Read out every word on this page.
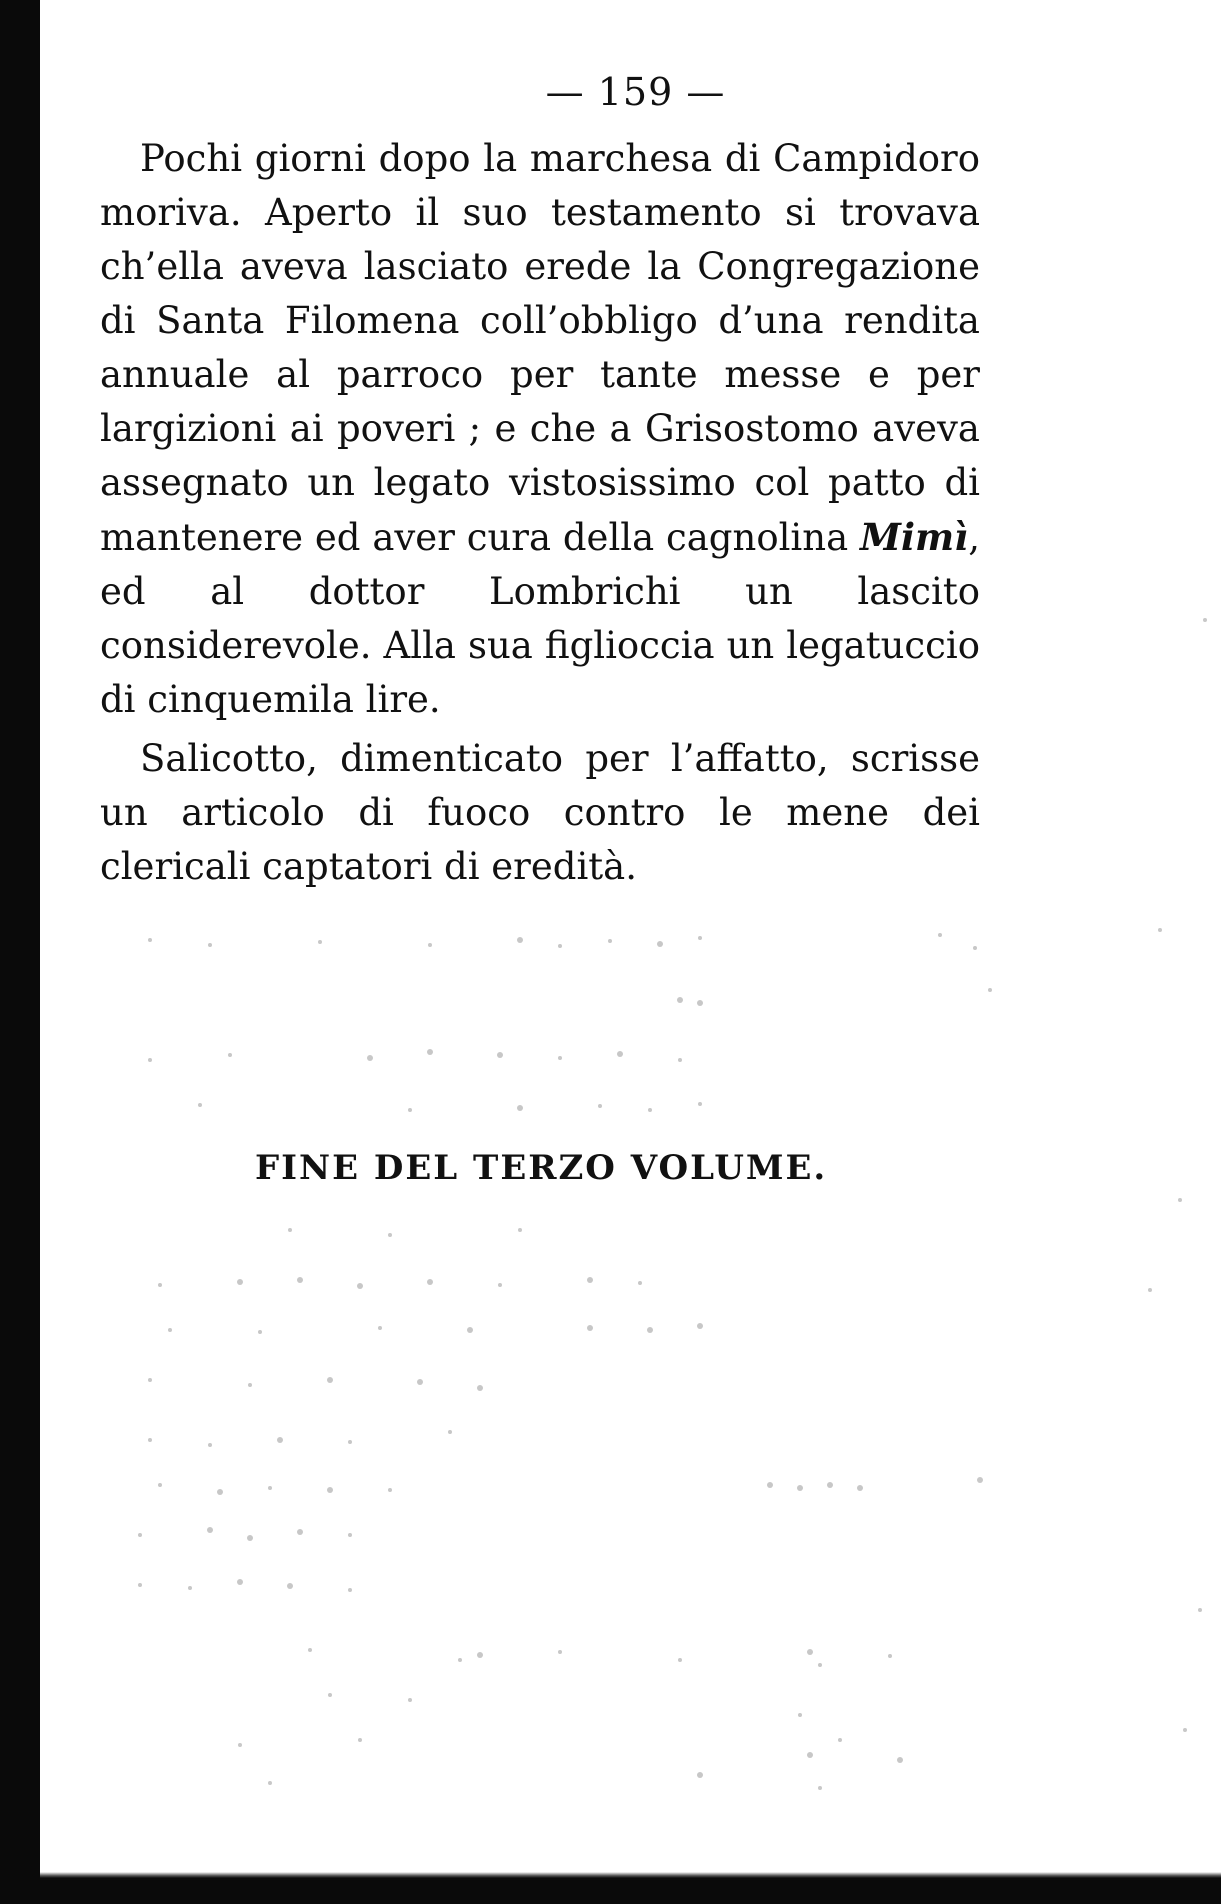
— 159 —

Pochi giorni dopo la marchesa di Campidoro moriva. Aperto il suo testamento si trovava ch’ella aveva lasciato erede la Congregazione di Santa Filomena coll’obbligo d’una rendita annuale al parroco per tante messe e per largizioni ai poveri ; e che a Grisostomo aveva assegnato un legato vistosissimo col patto di mantenere ed aver cura della cagnolina Mimì, ed al dottor Lombrichi un lascito considerevole. Alla sua figlioccia un legatuccio di cinquemila lire.

Salicotto, dimenticato per l’affatto, scrisse un articolo di fuoco contro le mene dei clericali captatori di eredità.

FINE DEL TERZO VOLUME.
